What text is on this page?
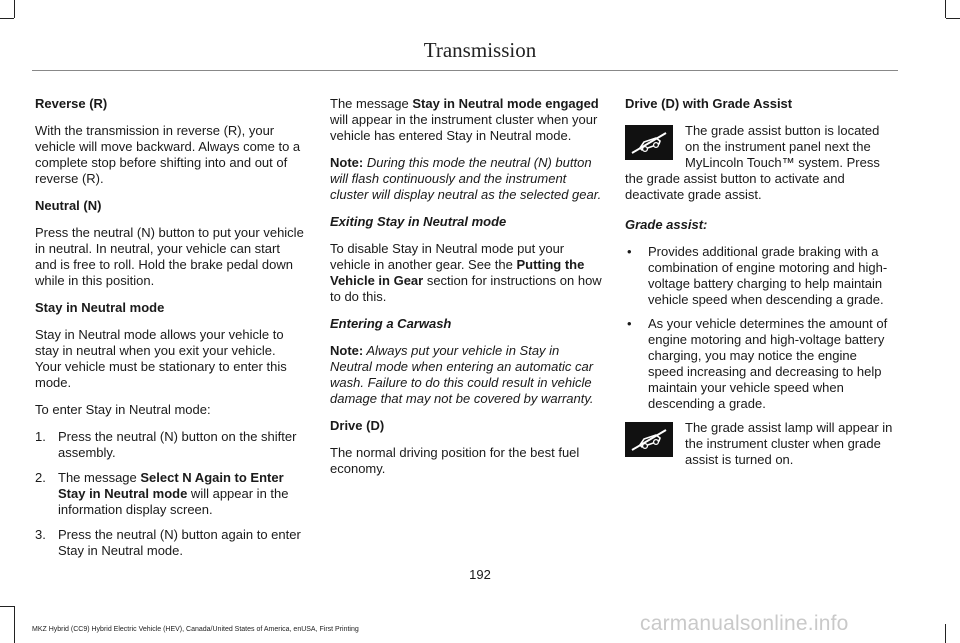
Transmission

Reverse (R)

With the transmission in reverse (R), your vehicle will move backward. Always come to a complete stop before shifting into and out of reverse (R).

Neutral (N)

Press the neutral (N) button to put your vehicle in neutral. In neutral, your vehicle can start and is free to roll. Hold the brake pedal down while in this position.

Stay in Neutral mode

Stay in Neutral mode allows your vehicle to stay in neutral when you exit your vehicle. Your vehicle must be stationary to enter this mode.

To enter Stay in Neutral mode:

1. Press the neutral (N) button on the shifter assembly.
2. The message Select N Again to Enter Stay in Neutral mode will appear in the information display screen.
3. Press the neutral (N) button again to enter Stay in Neutral mode.

The message Stay in Neutral mode engaged will appear in the instrument cluster when your vehicle has entered Stay in Neutral mode.

Note: During this mode the neutral (N) button will flash continuously and the instrument cluster will display neutral as the selected gear.

Exiting Stay in Neutral mode

To disable Stay in Neutral mode put your vehicle in another gear. See the Putting the Vehicle in Gear section for instructions on how to do this.

Entering a Carwash

Note: Always put your vehicle in Stay in Neutral mode when entering an automatic car wash. Failure to do this could result in vehicle damage that may not be covered by warranty.

Drive (D)

The normal driving position for the best fuel economy.

Drive (D) with Grade Assist

The grade assist button is located on the instrument panel next the MyLincoln Touch™ system. Press the grade assist button to activate and deactivate grade assist.

Grade assist:

• Provides additional grade braking with a combination of engine motoring and high-voltage battery charging to help maintain vehicle speed when descending a grade.
• As your vehicle determines the amount of engine motoring and high-voltage battery charging, you may notice the engine speed increasing and decreasing to help maintain your vehicle speed when descending a grade.

The grade assist lamp will appear in the instrument cluster when grade assist is turned on.

192
MKZ Hybrid (CC9) Hybrid Electric Vehicle (HEV), Canada/United States of America, enUSA, First Printing	carmanualsonline.info
